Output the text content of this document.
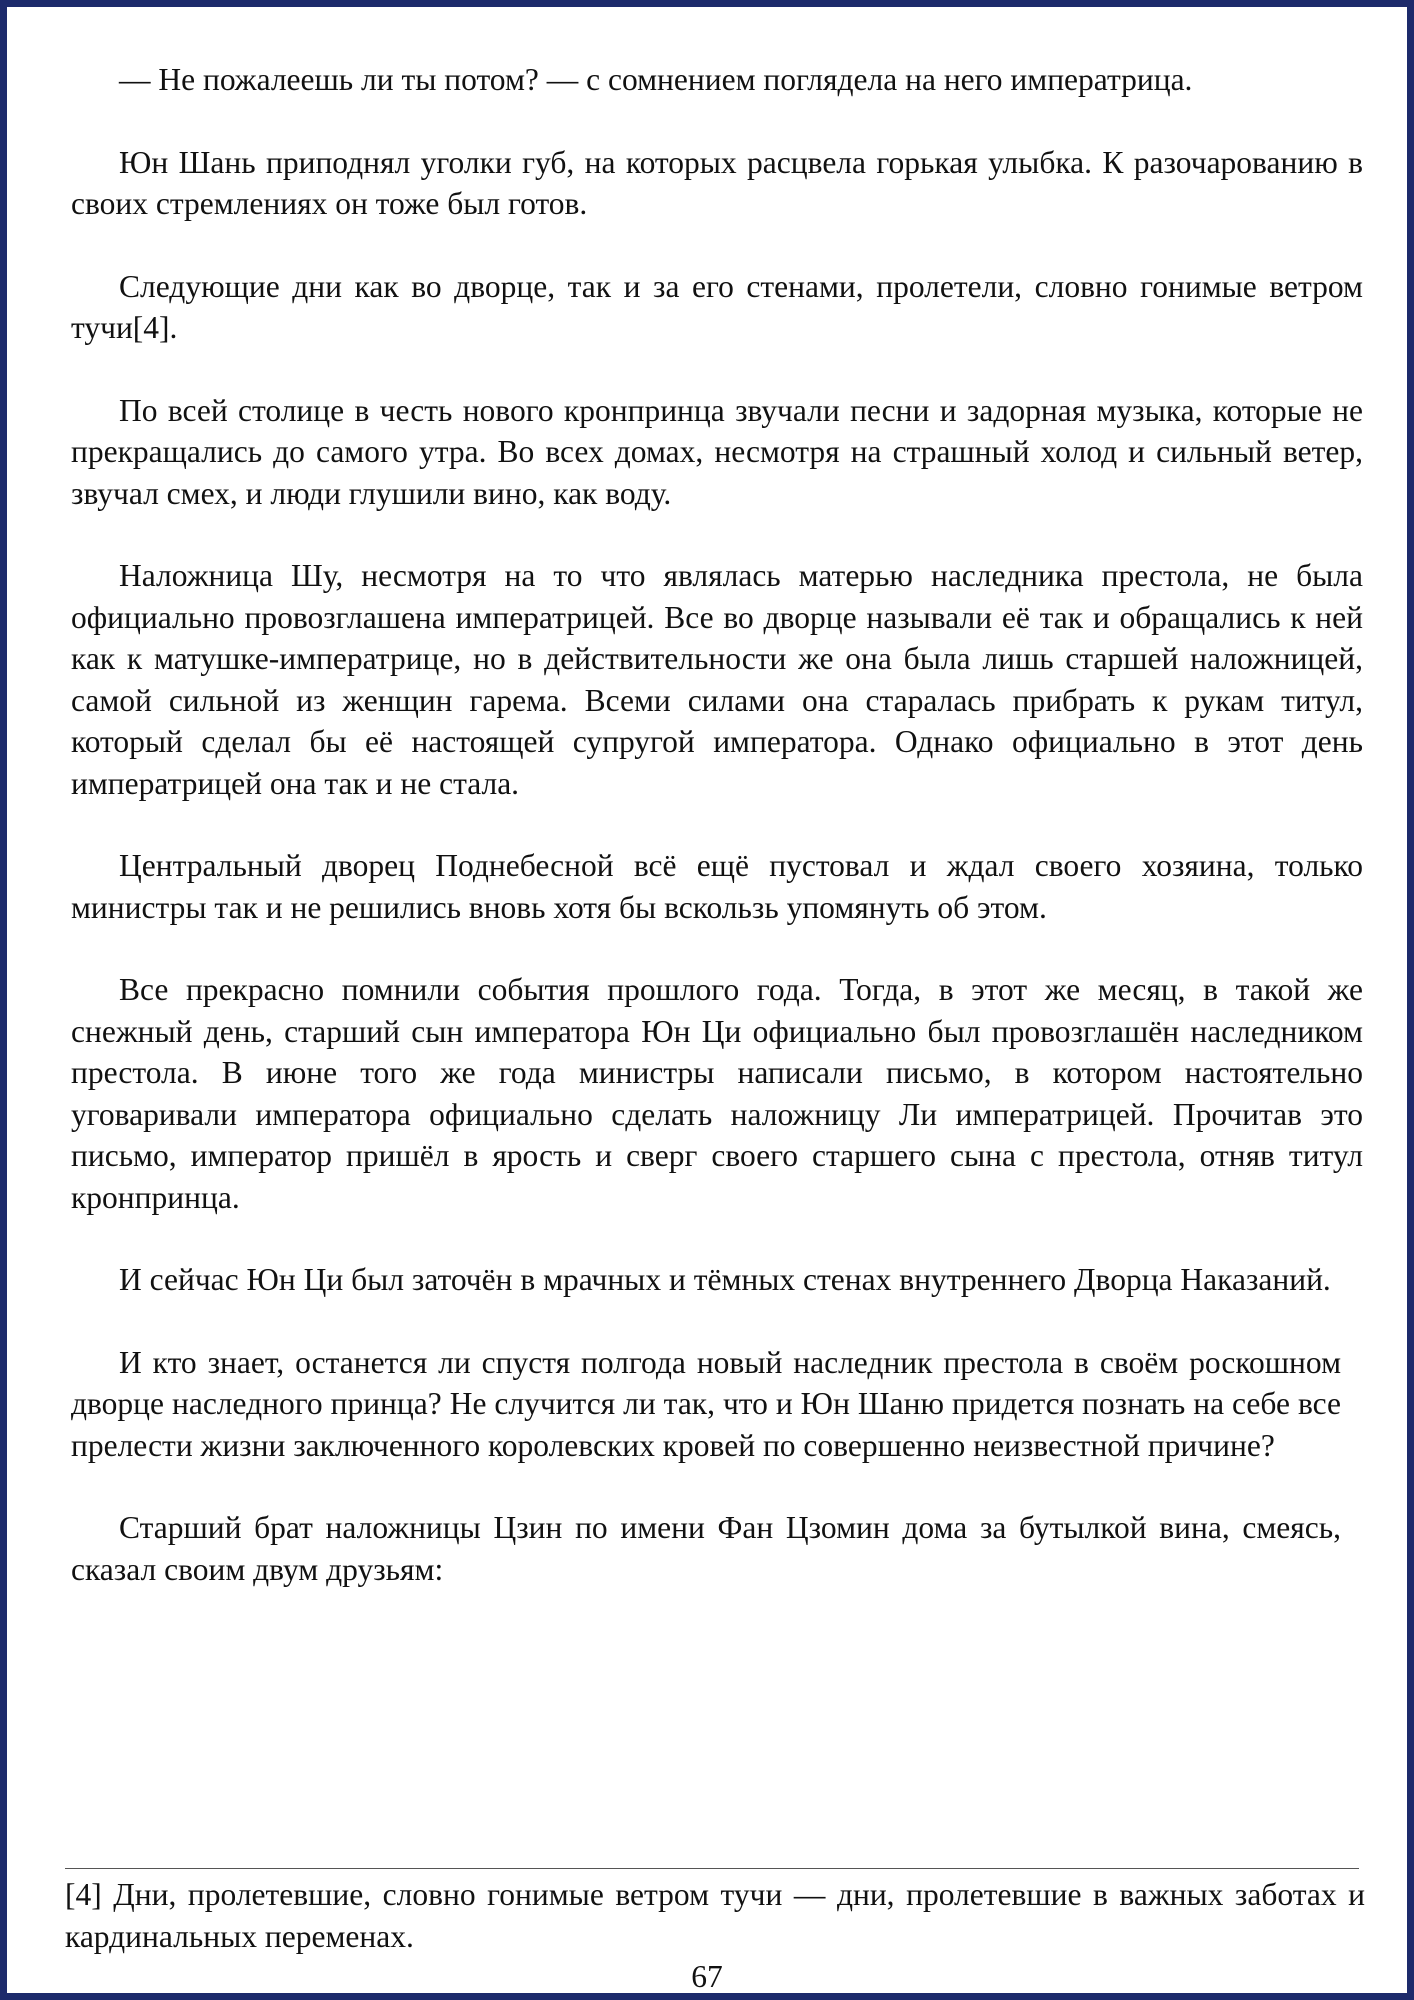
— Не пожалеешь ли ты потом? — с сомнением поглядела на него императрица.

Юн Шань приподнял уголки губ, на которых расцвела горькая улыбка. К разочарованию в своих стремлениях он тоже был готов.

Следующие дни как во дворце, так и за его стенами, пролетели, словно гонимые ветром тучи[4].

По всей столице в честь нового кронпринца звучали песни и задорная музыка, которые не прекращались до самого утра. Во всех домах, несмотря на страшный холод и сильный ветер, звучал смех, и люди глушили вино, как воду.

Наложница Шу, несмотря на то что являлась матерью наследника престола, не была официально провозглашена императрицей. Все во дворце называли её так и обращались к ней как к матушке-императрице, но в действительности же она была лишь старшей наложницей, самой сильной из женщин гарема. Всеми силами она старалась прибрать к рукам титул, который сделал бы её настоящей супругой императора. Однако официально в этот день императрицей она так и не стала.

Центральный дворец Поднебесной всё ещё пустовал и ждал своего хозяина, только министры так и не решились вновь хотя бы вскользь упомянуть об этом.

Все прекрасно помнили события прошлого года. Тогда, в этот же месяц, в такой же снежный день, старший сын императора Юн Ци официально был провозглашён наследником престола. В июне того же года министры написали письмо, в котором настоятельно уговаривали императора официально сделать наложницу Ли императрицей. Прочитав это письмо, император пришёл в ярость и сверг своего старшего сына с престола, отняв титул кронпринца.

И сейчас Юн Ци был заточён в мрачных и тёмных стенах внутреннего Дворца Наказаний.

И кто знает, останется ли спустя полгода новый наследник престола в своём роскошном дворце наследного принца? Не случится ли так, что и Юн Шаню придется познать на себе все прелести жизни заключенного королевских кровей по совершенно неизвестной причине?

Старший брат наложницы Цзин по имени Фан Цзомин дома за бутылкой вина, смеясь, сказал своим двум друзьям:

[4] Дни, пролетевшие, словно гонимые ветром тучи — дни, пролетевшие в важных заботах и кардинальных переменах.

67
